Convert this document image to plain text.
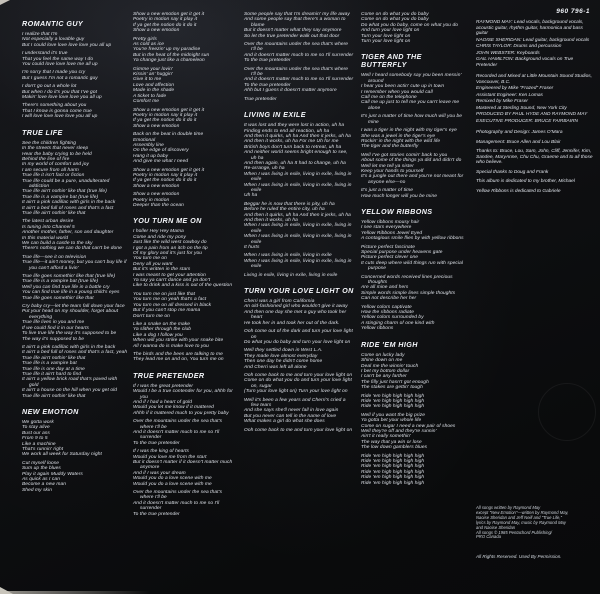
960 796-1
ROMANTIC GUY
I realize that I'm
Not especially a lovable guy
But I could love love love love you all up
I understand it's true
That you feel the same way I do
You could love love love me all up
I'm sorry that I made you cry
But I guess I'm not a romantic guy
I don't go out a whole lot
But when I do it's you that I've got
Makin' love love love love you all up
There's something about you
That I know is gonna come true
I will love love love love you all up
TRUE LIFE
See the children fighting
In the streets that never sleep
Hear the baby crying to be held
Behind the line of fire
In my world of comfort and joy
I am secure from all harm
True life it isn't fact or fiction
True life could be a pure, unadulterated addiction
True life ain't nothin' like that (true life)
True life is a vampire bat (true life)
It ain't a pink cadillac with girls in the back
It ain't a bed full of roses and that's a fact
True life ain't nothin' like that
The latest urban desire
Is tuning into Channel 5
Another mother, father, son and daughter
In this material world
We can build a castle to the sky
There's nothing we can do that can't be done
True life—see it on television
True life—it ain't money, but you can't buy life if you can't afford a livin'
True life goes somethin' like that (true life)
True life is a vampire bat (true life)
Well you can find true life in a battle cry
You can find true life in a young child's eyes
True life goes somethin' like that
Cry baby cry—let the tears fall down your face
Put your head on my shoulder, forget about everything
True life lives in you and me
If we could find it in our hearts
To live true life the way it's supposed to be
The way it's supposed to be
It ain't a pink cadillac with girls in the back
It ain't a bed full of roses and that's a fact, yeah
True life ain't nothin' like that
True life is a vampire bat
True life is one day at a time
True life it ain't hard to find
It ain't a yellow brick road that's paved with gold
It ain't a house on the hill when you get old
True life ain't nothin' like that
NEW EMOTION
We gotta work
To stay alive
Bust our ass
From 9 to 5
Like a machine
That's runnin' right
We work all week for Saturday night
Cut myself loose
Sum up the blues
Play it again Muddy Waters
As quick as I can
Become a new man
Shed my skin
Show a new emotion get it get it
Poetry in motion say it play it
If ya get the notion do it do it
Show a new emotion
Pretty girls
As cold as ice
You're freezin' up my paradise
But in the heat of the midnight sun
Ya change just like a chameleon
Gimme your lovin'
Kissin' an' huggin'
Give it to me
Love and affection
Made in the shade
A ticket to fade
Comfort me
Show a new emotion get it get it
Poetry in motion say it play it
If ya get the notion do it do it
Show a new emotion
Back on the beat in double time
Emotional
Assembly line
On the edge of discovery
Hang it up baby
And give me what I need
Show a new emotion get it get it
Poetry in motion say it play it
If ya get the notion do it do it
Show a new emotion
Show a new emotion
Poetry in motion
Deeper than the ocean
YOU TURN ME ON
I holler Hey Hey Mama
Come and ride my pony
Just like the wild west cowboy do
I got a pain from an itch on the tip
Of my glory and it's just for you
You turn me on
Deny all you want
But it's written in the stars
I was meant to get your attention
Ya say ya can't dance and ya don't
Like to drink and a kiss is out of the question
You turn me on just like that
You turn me on yeah that's a fact
You turn me on all dressed in black
But if you can't stop me mama
Don't turn me on
Like a snake on the make
Ya slither through the club
Like a dog I follow you
When will you strike with your snake bite
All I wanna do is make love to you
The birds and the bees are talking to me
They lead me on and on, You turn me on
TRUE PRETENDER
If I was the great pretender
Would I be a true contender for you, ahhh for you
And if I had a heart of gold
Would you let me know if it mattered
Ahhh if it mattered much to you pretty baby
Over the mountains under the sea that's where I'll be
And it doesn't matter much to me so I'll surrender
To the true pretender
If I was the king of hearts
Would you love me from the start
But it doesn't matter if it doesn't matter much anymore
And if I was your dream
Would you do a love scene with me
Would you do a love scene with me
Over the mountains under the sea that's where I'll be
And it doesn't matter much to me so I'll surrender
To the true pretender
Some people say that I'm dreamin' my life away
And some people say that there's a woman to blame
But it doesn't matter what they say anymore
So let the true pretender walk out that door
Over the mountains under the sea that's where I'll be
And it doesn't matter much to me so I'll surrender
To the true pretender
Over the mountains under the sea that's where I'll be
And it doesn't matter much to me so I'll surrender
To the true pretender
Ahh but I guess it doesn't matter anymore
True pretender
LIVING IN EXILE
It was lost and they were lost in action, uh ha
Finding ends to end all reaction, uh ha
And then it quirks, uh ha And then it jerks, uh ha
And then it works, uh ha For me Uh for me
British boys don't turn back to retreat, uh ha
And neither world seems bright enough to see, uh ha
And then again, uh ha It had to change, uh ha
Re-arrange, uh ha
When I was living in exile, living in exile, living in exile
When I was living in exile, living in exile, living in exile
Uh ha
Beggar he is now that there is pity, uh ha
Before he ruled the entire city, uh ha
And then it quirks, uh ha And then it jerks, uh ha
And then it works, uh ha
When I was living in exile, living in exile, living in exile
When I was living in exile, living in exile, living in exile
It hurts
When I was living in exile, living in exile
When I was living in exile, living in exile, living in exile
Living in exile, living in exile, living in exile
TURN YOUR LOVE LIGHT ON
Cherri was a girl from California
An old-fashioned girl who wouldn't give it away
And then one day she met a guy who took her heart
He took her in and took her out of the dark.
Ooh come out of the dark and turn your love light on
Do what you do baby and turn your love light on
Well they settled down in West L.A.
They made love almost everyday
Then one day he didn't come home
And Cherri was left all alone
Ooh come back to me and turn your love light on
Come on do what you do and turn your love light on, sugar
(Turn your love light on) Turn your love light on
Well it's been a few years and Cherri's cried a few tears
And she says she'll never fall in love again
But you never can tell in the name of love
What makes a girl do what she does
Ooh come back to me and turn your love light on
Come on do what you do baby
Come on do what you do baby
Do what you do baby, come on what you do
And turn your love light on
Turn your love light on
Turn your love light on
TIGER AND THE BUTTERFLY
Well I heard somebody say you been messin' around
I hear you been actin' cute up in town
I remember when you would call
Call me on the telephone
Call me up just to tell me you can't leave me alone
It's just a matter of time how much will you be mine
I was a tiger in the night with my tiger's eye
She was a jewel in the tiger's eye
Rockin' in the night with the wild life
The tiger and the butterfly
Well I've got stories comin' back to you
About some of the things ya did and didn't do
Well let me tell ya sister
Keep your hands to yourself
It's a jungle out there and you're not meant for anyone else—no
It's just a matter of time
How much longer will you be mine
YELLOW RIBBONS
Yellow ribbons mousy hair
I see stars everywhere
Yellow Ribbons Jewel Eyed
A contagious smile flies by with yellow ribbons
Picture perfect fascinate
Special purpose under heavens gate
Picture perfect clever one
It cuts deep where wild things run with special purpose
Concerned words received lines precious thoughts
Are all mine and hers
Simple words simple lines simple thoughts
Can not describe her her
Yellow colors captivate
How the ribbons radiate
Yellow colors surrounded by
A stinging charm of one kind with
Yellow ribbons
RIDE 'EM HIGH
Come on lucky lady
Shine down on me
Deal me the winnin' touch
I bet my bottom dollar
I can't be any farther
The filly just hasn't got enough
The stakes are gettin' tough
Ride 'em high high high high
Ride 'em high high high high
Ride 'em high high high high
Well if you want the big prize
Ya gotta bet your whole life
Come on sugar I need a new pair of shoes
Well they're off and they're runnin'
Ain't it really somethin'
The way that ya win or lose
The low down gamblers blues
Ride 'em high high high high
Ride 'em high high high high
Ride 'em high high high high
Ride 'em high high high high
Ride 'em high high high high
Ride 'em high high high high
RAYMOND MAY: Lead vocals, background vocals, acoustic guitar, rhythm guitar, harmonica and bass guitar
NAOISE SHERIDAN: Lead guitar, background vocals
CHRIS TAYLOR: Drums and percussion
JOHN WEBSTER: Keyboards
GAIL HAMILTON: Background vocals on True Pretender
Recorded and Mixed at Little Mountain Sound Studios, Vancouver, B.C.
Engineered by Mike "Frazed" Fraser
Assistant Engineer: Ken Lomas
Remixed by Mike Fraser
Mastered at Sterling Sound, New York City
PRODUCED BY PAUL HYDE AND RAYMOND MAY
EXECUTIVE PRODUCER: BRUCE FAIRBAIRN
Photography and Design: James O'Mara
Management: Bruce Allen and Lou Blair
Thanks to: Bruce, Lou, Sam, John, Cliff, Jennifer, Kim, Sandee, MaryAnne, Chu Chu, Graeme and to all those who believe.
Special thanks to Doug and Frank
This album is dedicated to my brother, Michael
Yellow Ribbons is dedicated to Gabriele
All songs written by Raymond May
except "New Emotion"—written by Raymond May,
Naoise Sheridan and Jeff Neill and "True Life,"
lyrics by Raymond May, music by Raymond May
and Naoise Sheridan
All songs © 1985 Pentachord Publishing/
PRO Canada
All Rights Reserved. Used By Permission.
